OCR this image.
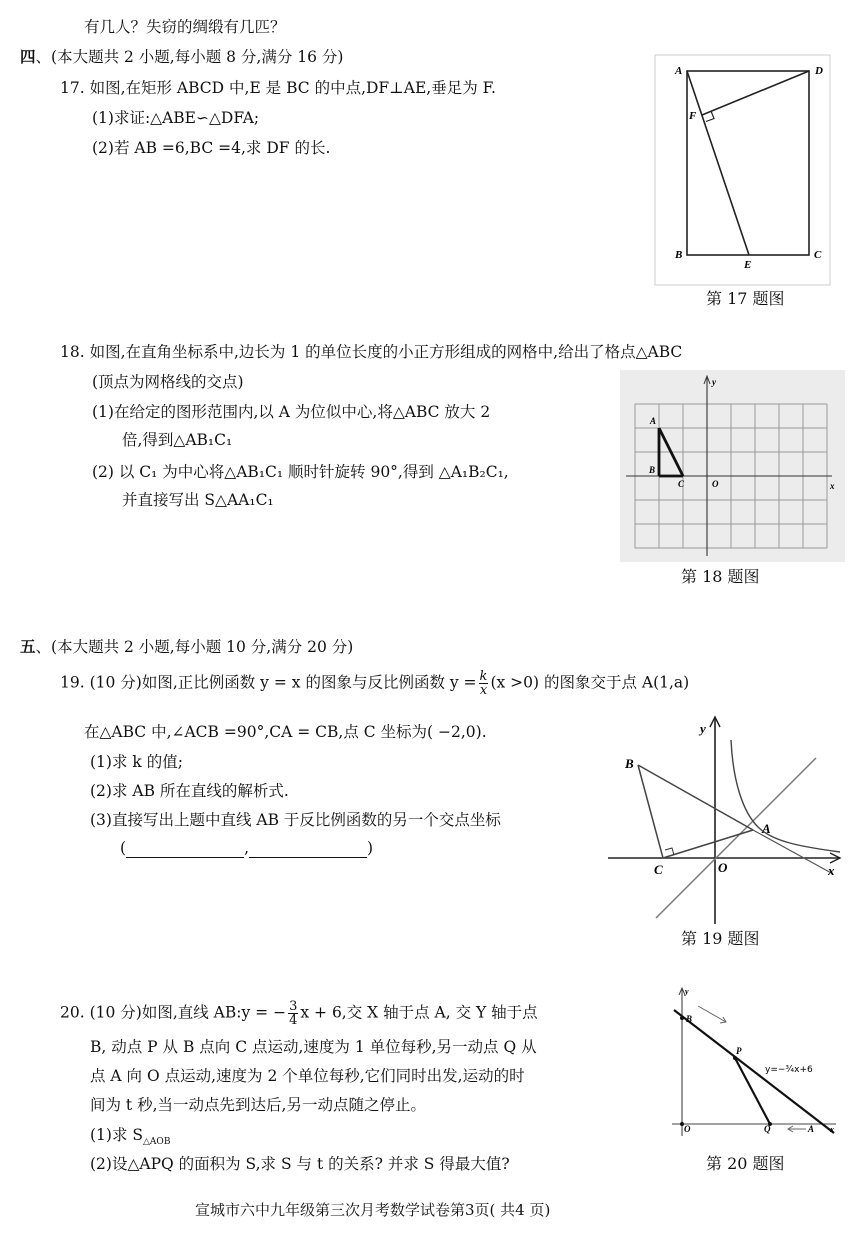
有几人？失窃的绸缎有几匹？
四、(本大题共 2 小题,每小题 8 分,满分 16 分)
17. 如图,在矩形 ABCD 中,E 是 BC 的中点,DF⊥AE,垂足为 F.
(1)求证:△ABE∽△DFA;
(2)若 AB =6,BC =4,求 DF 的长.
A	D
F
B	C
E
第 17 题图
18. 如图,在直角坐标系中,边长为 1 的单位长度的小正方形组成的网格中,给出了格点△ABC
(顶点为网格线的交点)
(1)在给定的图形范围内,以 A 为位似中心,将△ABC 放大 2
倍,得到△AB₁C₁
(2) 以 C₁ 为中心将△AB₁C₁ 顺时针旋转 90°,得到 △A₁B₂C₁,
并直接写出 S△AA₁C₁
A
B
C	O	x
y
第 18 题图
五、(本大题共 2 小题,每小题 10 分,满分 20 分)
19. (10 分)如图,正比例函数 y = x 的图象与反比例函数 $y = \frac{k}{x} (x >0)$ 的图象交于点 A(1,a)
在△ABC 中,∠ACB =90°,CA = CB,点 C 坐标为( −2,0).
(1)求 k 的值;
(2)求 AB 所在直线的解析式.
(3)直接写出上题中直线 AB 于反比例函数的另一个交点坐标
(	,	)
B
A
C	O	x
y
第 19 题图
20. (10 分)如图,直线 AB:y = − $\frac{3}{4}$ x + 6,交 X 轴于点 A, 交 Y 轴于点
B, 动点 P 从 B 点向 C 点运动,速度为 1 单位每秒,另一动点 Q 从
点 A 向 O 点运动,速度为 2 个单位每秒,它们同时出发,运动的时
间为 t 秒,当一动点先到达后,另一动点随之停止。
(1)求 $S_{\triangle AOB}$
(2)设△APQ 的面积为 S,求 S 与 t 的关系? 并求 S 得最大值?
B
P
Q
O	A x
y
y=−¾x+6
第 20 题图
宣城市六中九年级第三次月考数学试卷第3页( 共4 页)
